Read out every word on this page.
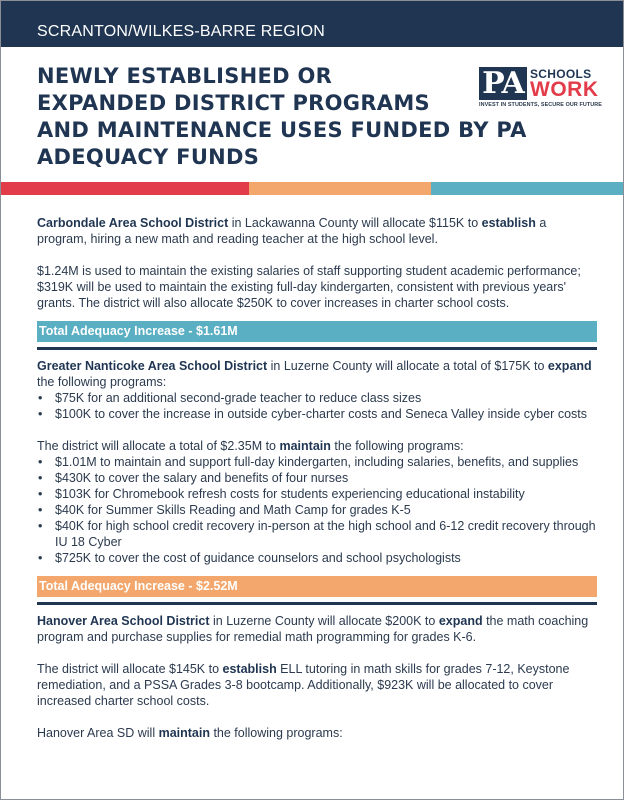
SCRANTON/WILKES-BARRE REGION
NEWLY ESTABLISHED OR
EXPANDED DISTRICT PROGRAMS
AND MAINTENANCE USES FUNDED BY PA
ADEQUACY FUNDS
PA SCHOOLS
WORK
INVEST IN STUDENTS, SECURE OUR FUTURE

Carbondale Area School District in Lackawanna County will allocate $115K to establish a program, hiring a new math and reading teacher at the high school level.

$1.24M is used to maintain the existing salaries of staff supporting student academic performance; $319K will be used to maintain the existing full-day kindergarten, consistent with previous years' grants. The district will also allocate $250K to cover increases in charter school costs.

Total Adequacy Increase - $1.61M

Greater Nanticoke Area School District in Luzerne County will allocate a total of $175K to expand the following programs:

• $75K for an additional second-grade teacher to reduce class sizes
• $100K to cover the increase in outside cyber-charter costs and Seneca Valley inside cyber costs

The district will allocate a total of $2.35M to maintain the following programs:

• $1.01M to maintain and support full-day kindergarten, including salaries, benefits, and supplies
• $430K to cover the salary and benefits of four nurses
• $103K for Chromebook refresh costs for students experiencing educational instability
• $40K for Summer Skills Reading and Math Camp for grades K-5
• $40K for high school credit recovery in-person at the high school and 6-12 credit recovery through IU 18 Cyber
• $725K to cover the cost of guidance counselors and school psychologists
Total Adequacy Increase - $2.52M

Hanover Area School District in Luzerne County will allocate $200K to expand the math coaching program and purchase supplies for remedial math programming for grades K-6.

The district will allocate $145K to establish ELL tutoring in math skills for grades 7-12, Keystone remediation, and a PSSA Grades 3-8 bootcamp. Additionally, $923K will be allocated to cover increased charter school costs.

Hanover Area SD will maintain the following programs:
